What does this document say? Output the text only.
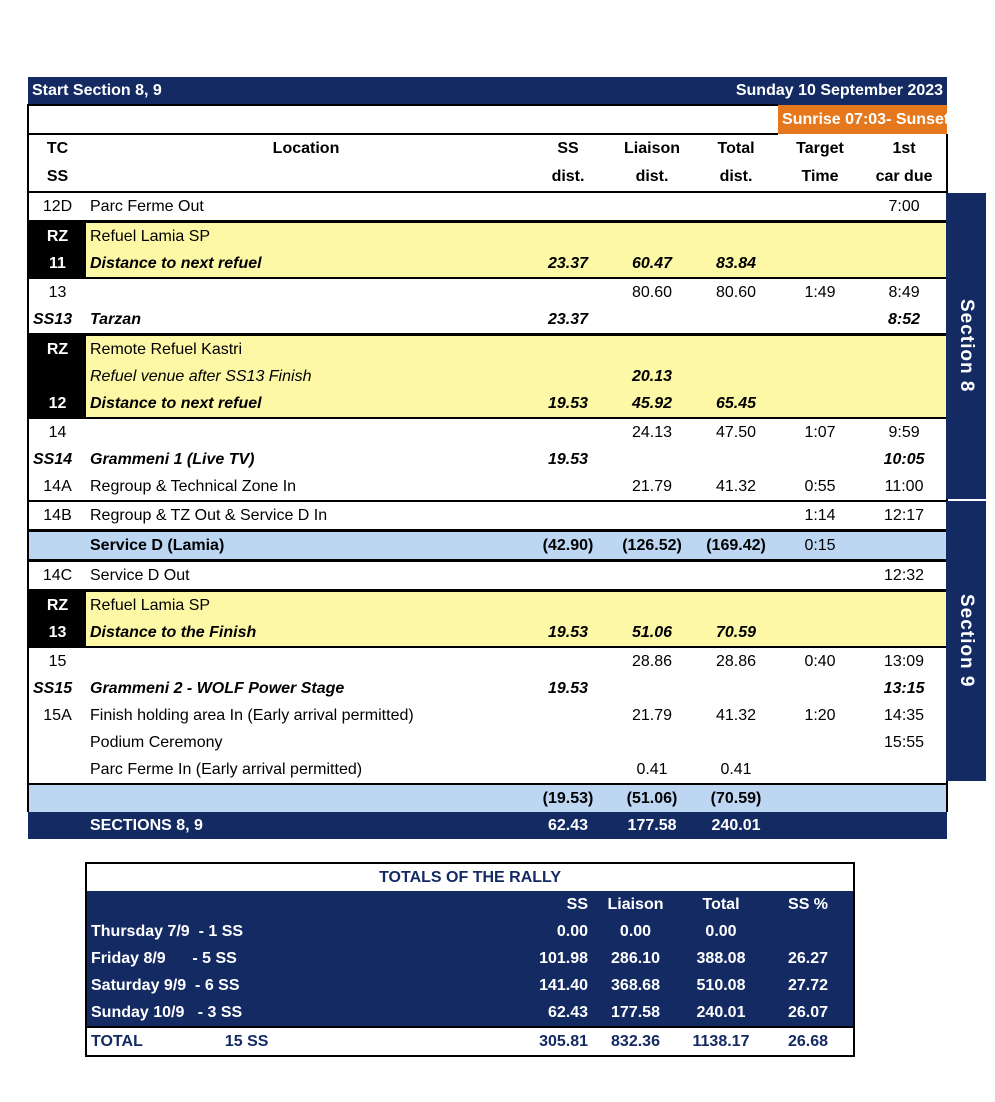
Start Section 8, 9		Sunday 10 September 2023				
					Sunrise 07:03- Sunset 19:43	
TC	Location	SS	Liaison	Total	Target	1st
SS		dist.	dist.	dist.	Time	car due
12D	Parc Ferme Out					7:00
RZ	Refuel Lamia SP					
11	Distance to next refuel	23.37	60.47	83.84		
13			80.60	80.60	1:49	8:49
SS13	Tarzan	23.37				8:52
RZ	Remote Refuel Kastri					
	Refuel venue after SS13 Finish		20.13			
12	Distance to next refuel	19.53	45.92	65.45		
14			24.13	47.50	1:07	9:59
SS14	Grammeni 1 (Live TV)	19.53				10:05
14A	Regroup & Technical Zone In		21.79	41.32	0:55	11:00
14B	Regroup & TZ Out & Service D In				1:14	12:17
	Service D (Lamia)	(42.90)	(126.52)	(169.42)	0:15	
14C	Service D Out					12:32
RZ	Refuel Lamia SP					
13	Distance to the Finish	19.53	51.06	70.59		
15			28.86	28.86	0:40	13:09
SS15	Grammeni 2 - WOLF Power Stage	19.53				13:15
15A	Finish holding area In (Early arrival permitted)		21.79	41.32	1:20	14:35
	Podium Ceremony					15:55
	Parc Ferme In (Early arrival permitted)		0.41	0.41		
		(19.53)	(51.06)	(70.59)		
	SECTIONS 8, 9	62.43	177.58	240.01		
Section 8
Section 9
TOTALS OF THE RALLY				
	SS	Liaison	Total	SS %
Thursday 7/9 - 1 SS	0.00	0.00	0.00	
Friday 8/9 - 5 SS	101.98	286.10	388.08	26.27
Saturday 9/9 - 6 SS	141.40	368.68	510.08	27.72
Sunday 10/9 - 3 SS	62.43	177.58	240.01	26.07
TOTAL 15 SS	305.81	832.36	1138.17	26.68
